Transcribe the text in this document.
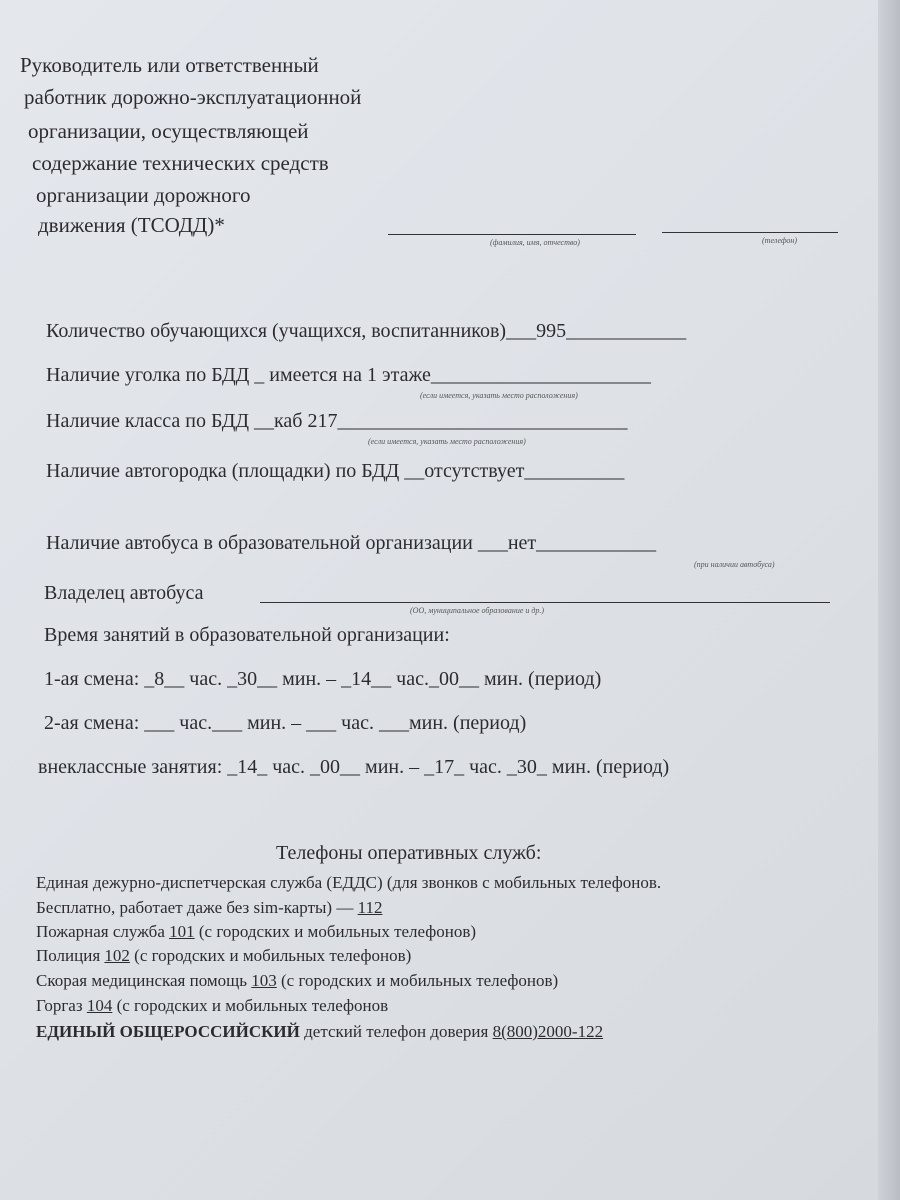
Руководитель или ответственный
работник дорожно-эксплуатационной
организации, осуществляющей
содержание технических средств
организации дорожного
движения (ТСОДД)*
(фамилия, имя, отчество)	(телефон)
Количество обучающихся (учащихся, воспитанников)___995____________
Наличие уголка по БДД _ имеется на 1 этаже______________________
(если имеется, указать место расположения)
Наличие класса по БДД __каб 217_____________________________
(если имеется, указать место расположения)
Наличие автогородка (площадки) по БДД __отсутствует__________
Наличие автобуса в образовательной организации ___нет____________
(при наличии автобуса)
Владелец автобуса
(ОО, муниципальное образование и др.)
Время занятий в образовательной организации:
1-ая смена: _8__ час. _30__ мин. – _14__ час._00__ мин. (период)
2-ая смена: ___ час.___ мин. – ___ час. ___мин. (период)
внеклассные занятия: _14_ час. _00__ мин. – _17_ час. _30_ мин. (период)
Телефоны оперативных служб:
Единая дежурно-диспетчерская служба (ЕДДС) (для звонков с мобильных телефонов.
Бесплатно, работает даже без sim-карты) — 112
Пожарная служба 101 (с городских и мобильных телефонов)
Полиция 102 (с городских и мобильных телефонов)
Скорая медицинская помощь 103 (с городских и мобильных телефонов)
Горгаз 104 (с городских и мобильных телефонов
ЕДИНЫЙ ОБЩЕРОССИЙСКИЙ детский телефон доверия 8(800)2000-122
